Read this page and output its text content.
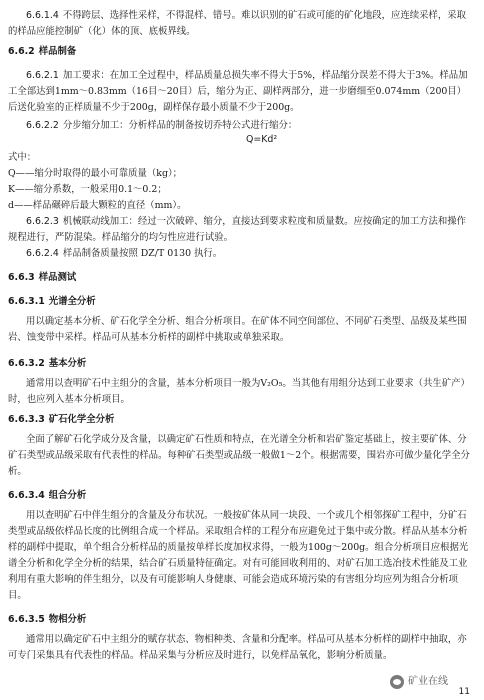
6.6.1.4 不得跨层、选择性采样，不得混样、错号。难以识别的矿石或可能的矿化地段，应连续采样，采取的样品应能控制矿（化）体的顶、底板界线。

6.6.2 样品制备

6.6.2.1 加工要求：在加工全过程中，样品质量总损失率不得大于5%，样品缩分误差不得大于3%。样品加工全部达到1mm～0.83mm（16目～20目）后，缩分为正、副样两部分，进一步磨细至0.074mm（200目）后送化验室的正样质量不少于200g，副样保存最小质量不少于200g。

6.6.2.2 分步缩分加工：分析样品的制备按切乔特公式进行缩分：

Q=Kd²

式中：

Q——缩分时取得的最小可靠质量（kg）；

K——缩分系数，一般采用0.1～0.2；

d——样品碾碎后最大颗粒的直径（mm）。

6.6.2.3 机械联动线加工：经过一次破碎、缩分，直接达到要求粒度和质量数。应按确定的加工方法和操作规程进行，严防混染。样品缩分的均匀性应进行试验。

6.6.2.4 样品制备质量按照 DZ/T 0130 执行。

6.6.3 样品测试

6.6.3.1 光谱全分析

用以确定基本分析、矿石化学全分析、组合分析项目。在矿体不同空间部位、不同矿石类型、品级及某些围岩、蚀变带中采样。样品可从基本分析样的副样中挑取或单独采取。

6.6.3.2 基本分析

通常用以查明矿石中主组分的含量，基本分析项目一般为V₂O₅。当其他有用组分达到工业要求（共生矿产）时，也应列入基本分析项目。

6.6.3.3 矿石化学全分析

全面了解矿石化学成分及含量，以确定矿石性质和特点，在光谱全分析和岩矿鉴定基础上，按主要矿体、分矿石类型或品级采取有代表性的样品。每种矿石类型或品级一般做1～2个。根据需要，围岩亦可做少量化学全分析。

6.6.3.4 组合分析

用以查明矿石中伴生组分的含量及分布状况。一般按矿体从同一块段、一个或几个相邻探矿工程中，分矿石类型或品级依样品长度的比例组合成一个样品。采取组合样的工程分布应避免过于集中或分散。样品从基本分析样的副样中提取，单个组合分析样品的质量按单样长度加权求得，一般为100g～200g。组合分析项目应根据光谱全分析和化学全分析的结果，结合矿石质量特征确定。对有可能回收利用的、对矿石加工选冶技术性能及工业利用有重大影响的伴生组分，以及有可能影响人身健康、可能会造成环境污染的有害组分均应列为组合分析项目。

6.6.3.5 物相分析

通常用以确定矿石中主组分的赋存状态、物相种类、含量和分配率。样品可从基本分析样的副样中抽取，亦可专门采集具有代表性的样品。样品采集与分析应及时进行，以免样品氧化，影响分析质量。

矿业在线
11
